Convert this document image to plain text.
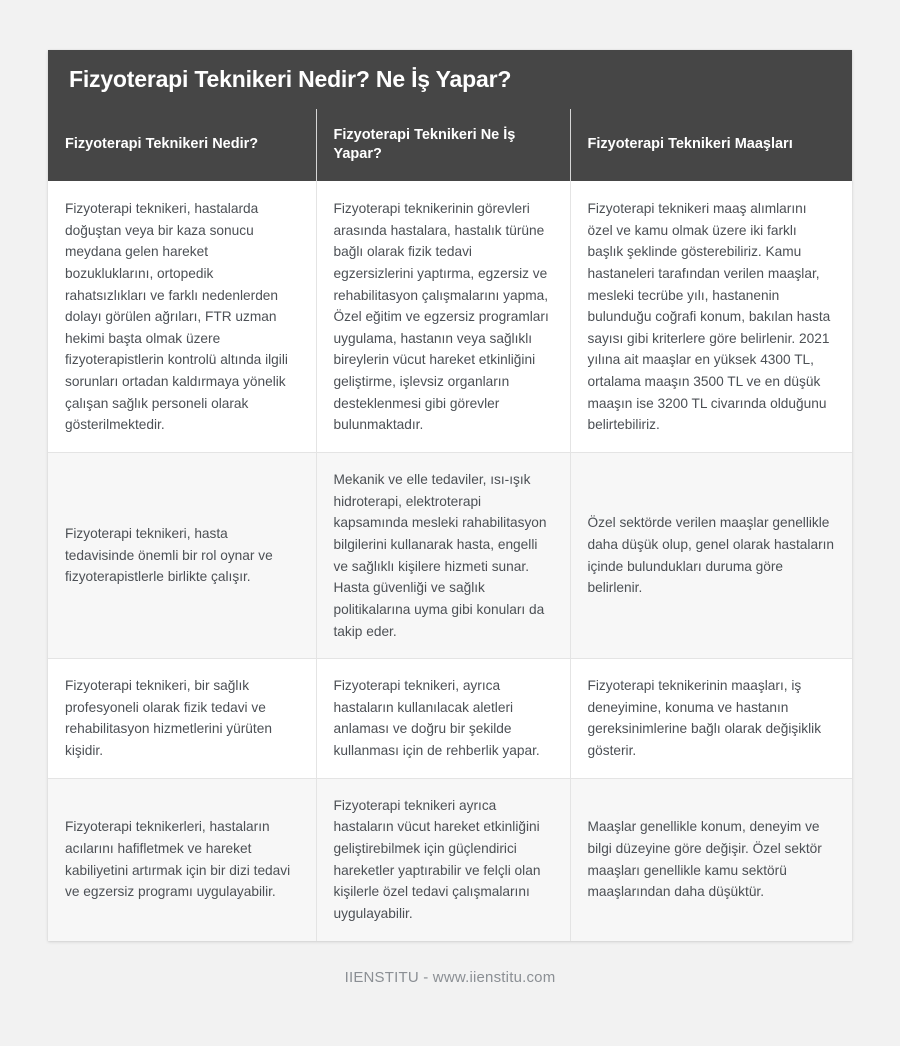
Fizyoterapi Teknikeri Nedir? Ne İş Yapar?
Fizyoterapi Teknikeri Nedir?	Fizyoterapi Teknikeri Ne İş Yapar?	Fizyoterapi Teknikeri Maaşları
Fizyoterapi teknikeri, hastalarda doğuştan veya bir kaza sonucu meydana gelen hareket bozukluklarını, ortopedik rahatsızlıkları ve farklı nedenlerden dolayı görülen ağrıları, FTR uzman hekimi başta olmak üzere fizyoterapistlerin kontrolü altında ilgili sorunları ortadan kaldırmaya yönelik çalışan sağlık personeli olarak gösterilmektedir.	Fizyoterapi teknikerinin görevleri arasında hastalara, hastalık türüne bağlı olarak fizik tedavi egzersizlerini yaptırma, egzersiz ve rehabilitasyon çalışmalarını yapma, Özel eğitim ve egzersiz programları uygulama, hastanın veya sağlıklı bireylerin vücut hareket etkinliğini geliştirme, işlevsiz organların desteklenmesi gibi görevler bulunmaktadır.	Fizyoterapi teknikeri maaş alımlarını özel ve kamu olmak üzere iki farklı başlık şeklinde gösterebiliriz. Kamu hastaneleri tarafından verilen maaşlar, mesleki tecrübe yılı, hastanenin bulunduğu coğrafi konum, bakılan hasta sayısı gibi kriterlere göre belirlenir. 2021 yılına ait maaşlar en yüksek 4300 TL, ortalama maaşın 3500 TL ve en düşük maaşın ise 3200 TL civarında olduğunu belirtebiliriz.
Fizyoterapi teknikeri, hasta tedavisinde önemli bir rol oynar ve fizyoterapistlerle birlikte çalışır.	Mekanik ve elle tedaviler, ısı-ışık hidroterapi, elektroterapi kapsamında mesleki rahabilitasyon bilgilerini kullanarak hasta, engelli ve sağlıklı kişilere hizmeti sunar. Hasta güvenliği ve sağlık politikalarına uyma gibi konuları da takip eder.	Özel sektörde verilen maaşlar genellikle daha düşük olup, genel olarak hastaların içinde bulundukları duruma göre belirlenir.
Fizyoterapi teknikeri, bir sağlık profesyoneli olarak fizik tedavi ve rehabilitasyon hizmetlerini yürüten kişidir.	Fizyoterapi teknikeri, ayrıca hastaların kullanılacak aletleri anlaması ve doğru bir şekilde kullanması için de rehberlik yapar.	Fizyoterapi teknikerinin maaşları, iş deneyimine, konuma ve hastanın gereksinimlerine bağlı olarak değişiklik gösterir.
Fizyoterapi teknikerleri, hastaların acılarını hafifletmek ve hareket kabiliyetini artırmak için bir dizi tedavi ve egzersiz programı uygulayabilir.	Fizyoterapi teknikeri ayrıca hastaların vücut hareket etkinliğini geliştirebilmek için güçlendirici hareketler yaptırabilir ve felçli olan kişilerle özel tedavi çalışmalarını uygulayabilir.	Maaşlar genellikle konum, deneyim ve bilgi düzeyine göre değişir. Özel sektör maaşları genellikle kamu sektörü maaşlarından daha düşüktür.
IIENSTITU - www.iienstitu.com
